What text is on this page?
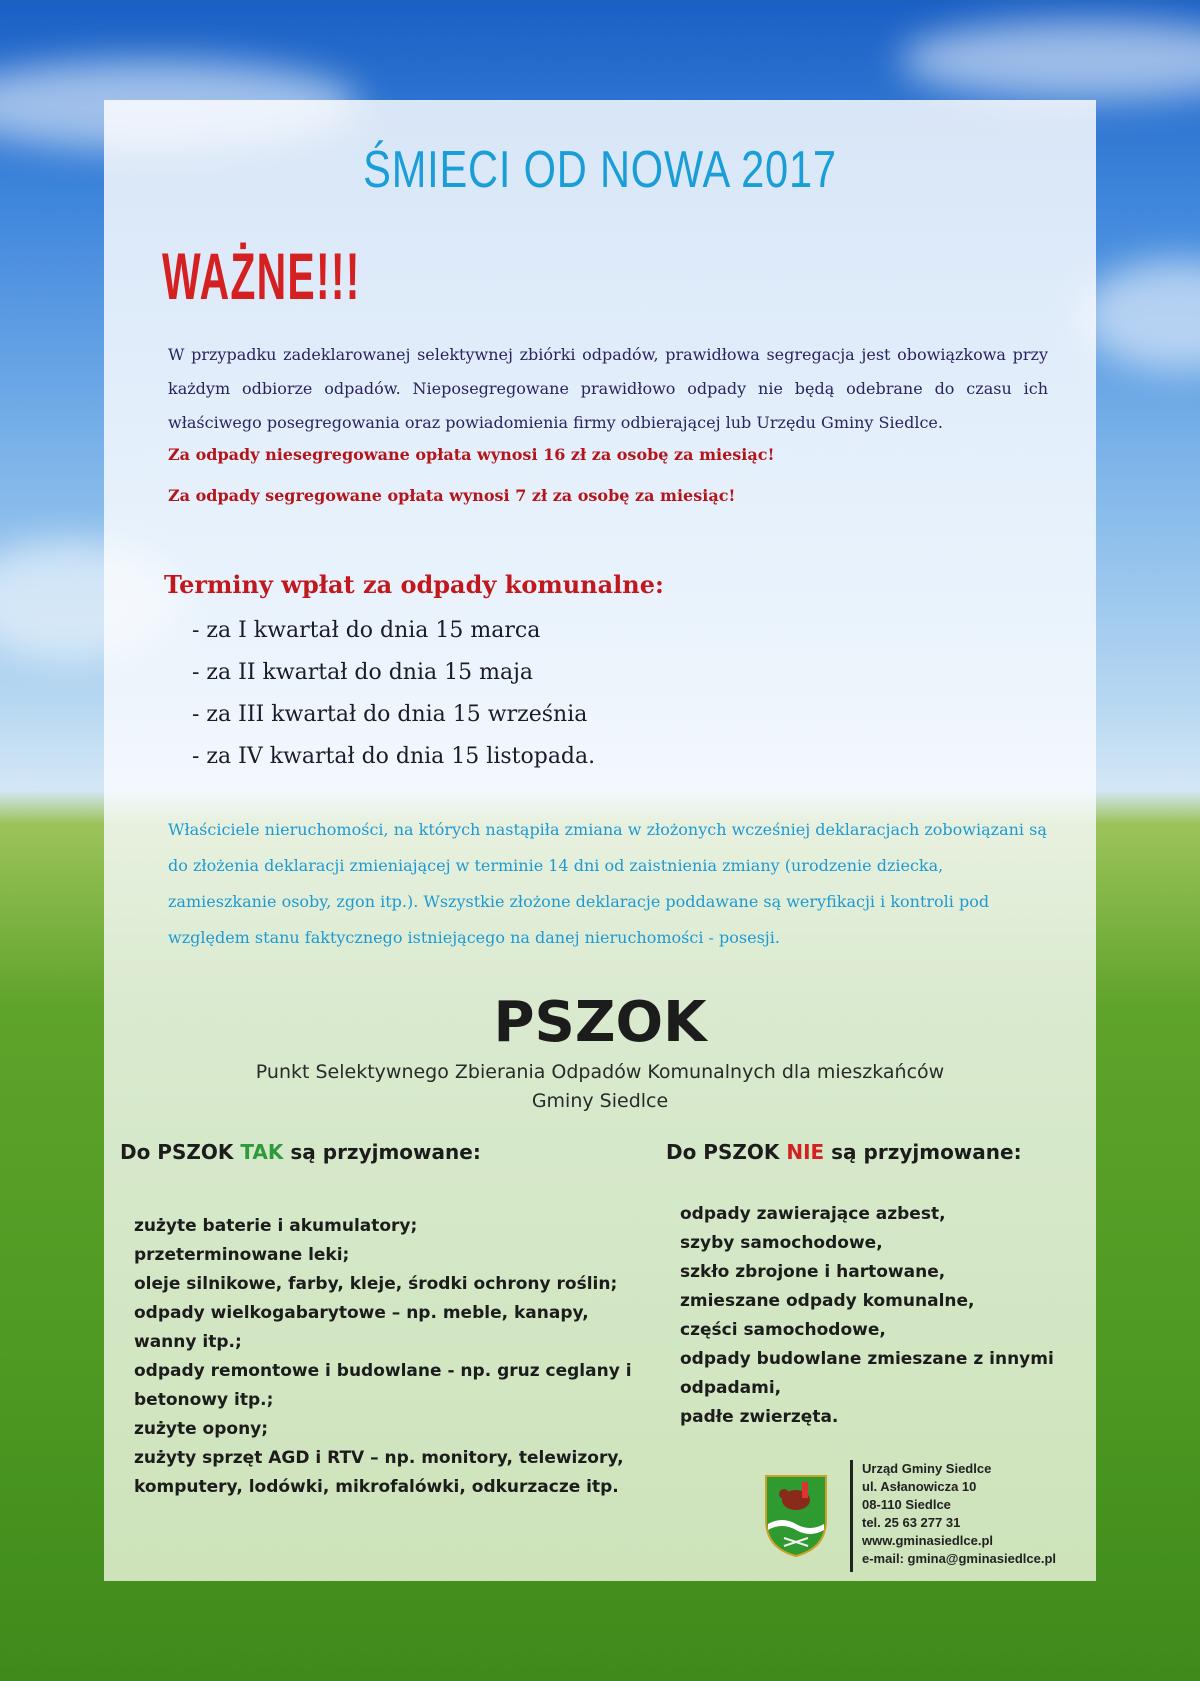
ŚMIECI OD NOWA 2017
WAŻNE!!!
W przypadku zadeklarowanej selektywnej zbiórki odpadów, prawidłowa segregacja jest obowiązkowa przy każdym odbiorze odpadów. Nieposegregowane prawidłowo odpady nie będą odebrane do czasu ich właściwego posegregowania oraz powiadomienia firmy odbierającej lub Urzędu Gminy Siedlce.
Za odpady niesegregowane opłata wynosi 16 zł za osobę za miesiąc!
Za odpady segregowane opłata wynosi 7 zł za osobę za miesiąc!
Terminy wpłat za odpady komunalne:
- za I kwartał do dnia 15 marca
- za II kwartał do dnia 15 maja
- za III kwartał do dnia 15 września
- za IV kwartał do dnia 15 listopada.
Właściciele nieruchomości, na których nastąpiła zmiana w złożonych wcześniej deklaracjach zobowiązani są do złożenia deklaracji zmieniającej w terminie 14 dni od zaistnienia zmiany (urodzenie dziecka, zamieszkanie osoby, zgon itp.). Wszystkie złożone deklaracje poddawane są weryfikacji i kontroli pod względem stanu faktycznego istniejącego na danej nieruchomości - posesji.
PSZOK
Punkt Selektywnego Zbierania Odpadów Komunalnych dla mieszkańców
Gminy Siedlce
Do PSZOK TAK są przyjmowane:	Do PSZOK NIE są przyjmowane:
zużyte baterie i akumulatory;
przeterminowane leki;
oleje silnikowe, farby, kleje, środki ochrony roślin;
odpady wielkogabarytowe – np. meble, kanapy, wanny itp.;
odpady remontowe i budowlane - np. gruz ceglany i betonowy itp.;
zużyte opony;
zużyty sprzęt AGD i RTV – np. monitory, telewizory, komputery, lodówki, mikrofalówki, odkurzacze itp.
odpady zawierające azbest,
szyby samochodowe,
szkło zbrojone i hartowane,
zmieszane odpady komunalne,
części samochodowe,
odpady budowlane zmieszane z innymi odpadami,
padłe zwierzęta.
Urząd Gminy Siedlce
ul. Asłanowicza 10
08-110 Siedlce
tel. 25 63 277 31
www.gminasiedlce.pl
e-mail: gmina@gminasiedlce.pl
